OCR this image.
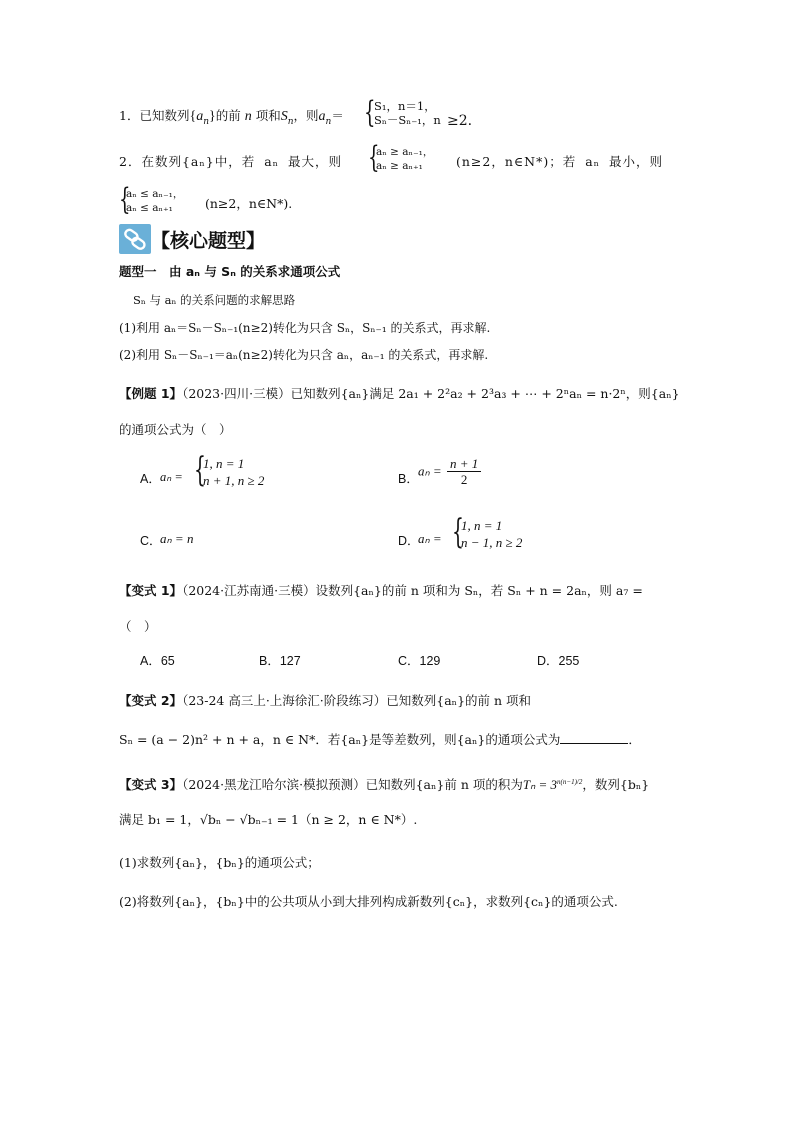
1．已知数列$\{a_n\}$的前 n 项和$S_n$，则$a_n=$ {
S₁，n＝1，
Sₙ－Sₙ₋₁，n ≥2.
2．在数列{aₙ}中，若 aₙ 最大，则 {
aₙ ≥ aₙ₋₁，
aₙ ≥ aₙ₊₁	(n≥2，n∈N*)；若 aₙ 最小，则
{
aₙ ≤ aₙ₋₁，
aₙ ≤ aₙ₊₁	(n≥2，n∈N*).
【核心题型】
题型一　由 aₙ 与 Sₙ 的关系求通项公式
Sₙ 与 aₙ 的关系问题的求解思路
(1)利用 aₙ＝Sₙ－Sₙ₋₁(n≥2)转化为只含 Sₙ，Sₙ₋₁ 的关系式，再求解.
(2)利用 Sₙ－Sₙ₋₁＝aₙ(n≥2)转化为只含 aₙ，aₙ₋₁ 的关系式，再求解.
【例题 1】（2023·四川·三模）已知数列{aₙ}满足 2a₁ + 2²a₂ + 2³a₃ + ⋯ + 2ⁿaₙ = n·2ⁿ，则{aₙ}
的通项公式为（　）
A． aₙ = {
1, n = 1
n + 1, n ≥ 2	B．
$a_n = \frac{n + 1}{2}$
C．
aₙ = n	D．
aₙ = {
1, n = 1
n − 1, n ≥ 2
【变式 1】（2024·江苏南通·三模）设数列{aₙ}的前 n 项和为 Sₙ，若 Sₙ + n = 2aₙ，则 a₇ =
（　）
A．65	B．127	C．129	D．255
【变式 2】（23-24 高三上·上海徐汇·阶段练习）已知数列{aₙ}的前 n 项和
Sₙ = (a − 2)n² + n + a，n ∈ N*．若{aₙ}是等差数列，则{aₙ}的通项公式为	．
【变式 3】（2024·黑龙江哈尔滨·模拟预测）已知数列{aₙ}前 n 项的积为$T_n = 3^{n(n-1)/2}$，数列{bₙ}
满足 b₁ = 1，√bₙ − √bₙ₋₁ = 1（n ≥ 2，n ∈ N*）.
(1)求数列{aₙ}，{bₙ}的通项公式；
(2)将数列{aₙ}，{bₙ}中的公共项从小到大排列构成新数列{cₙ}，求数列{cₙ}的通项公式.
